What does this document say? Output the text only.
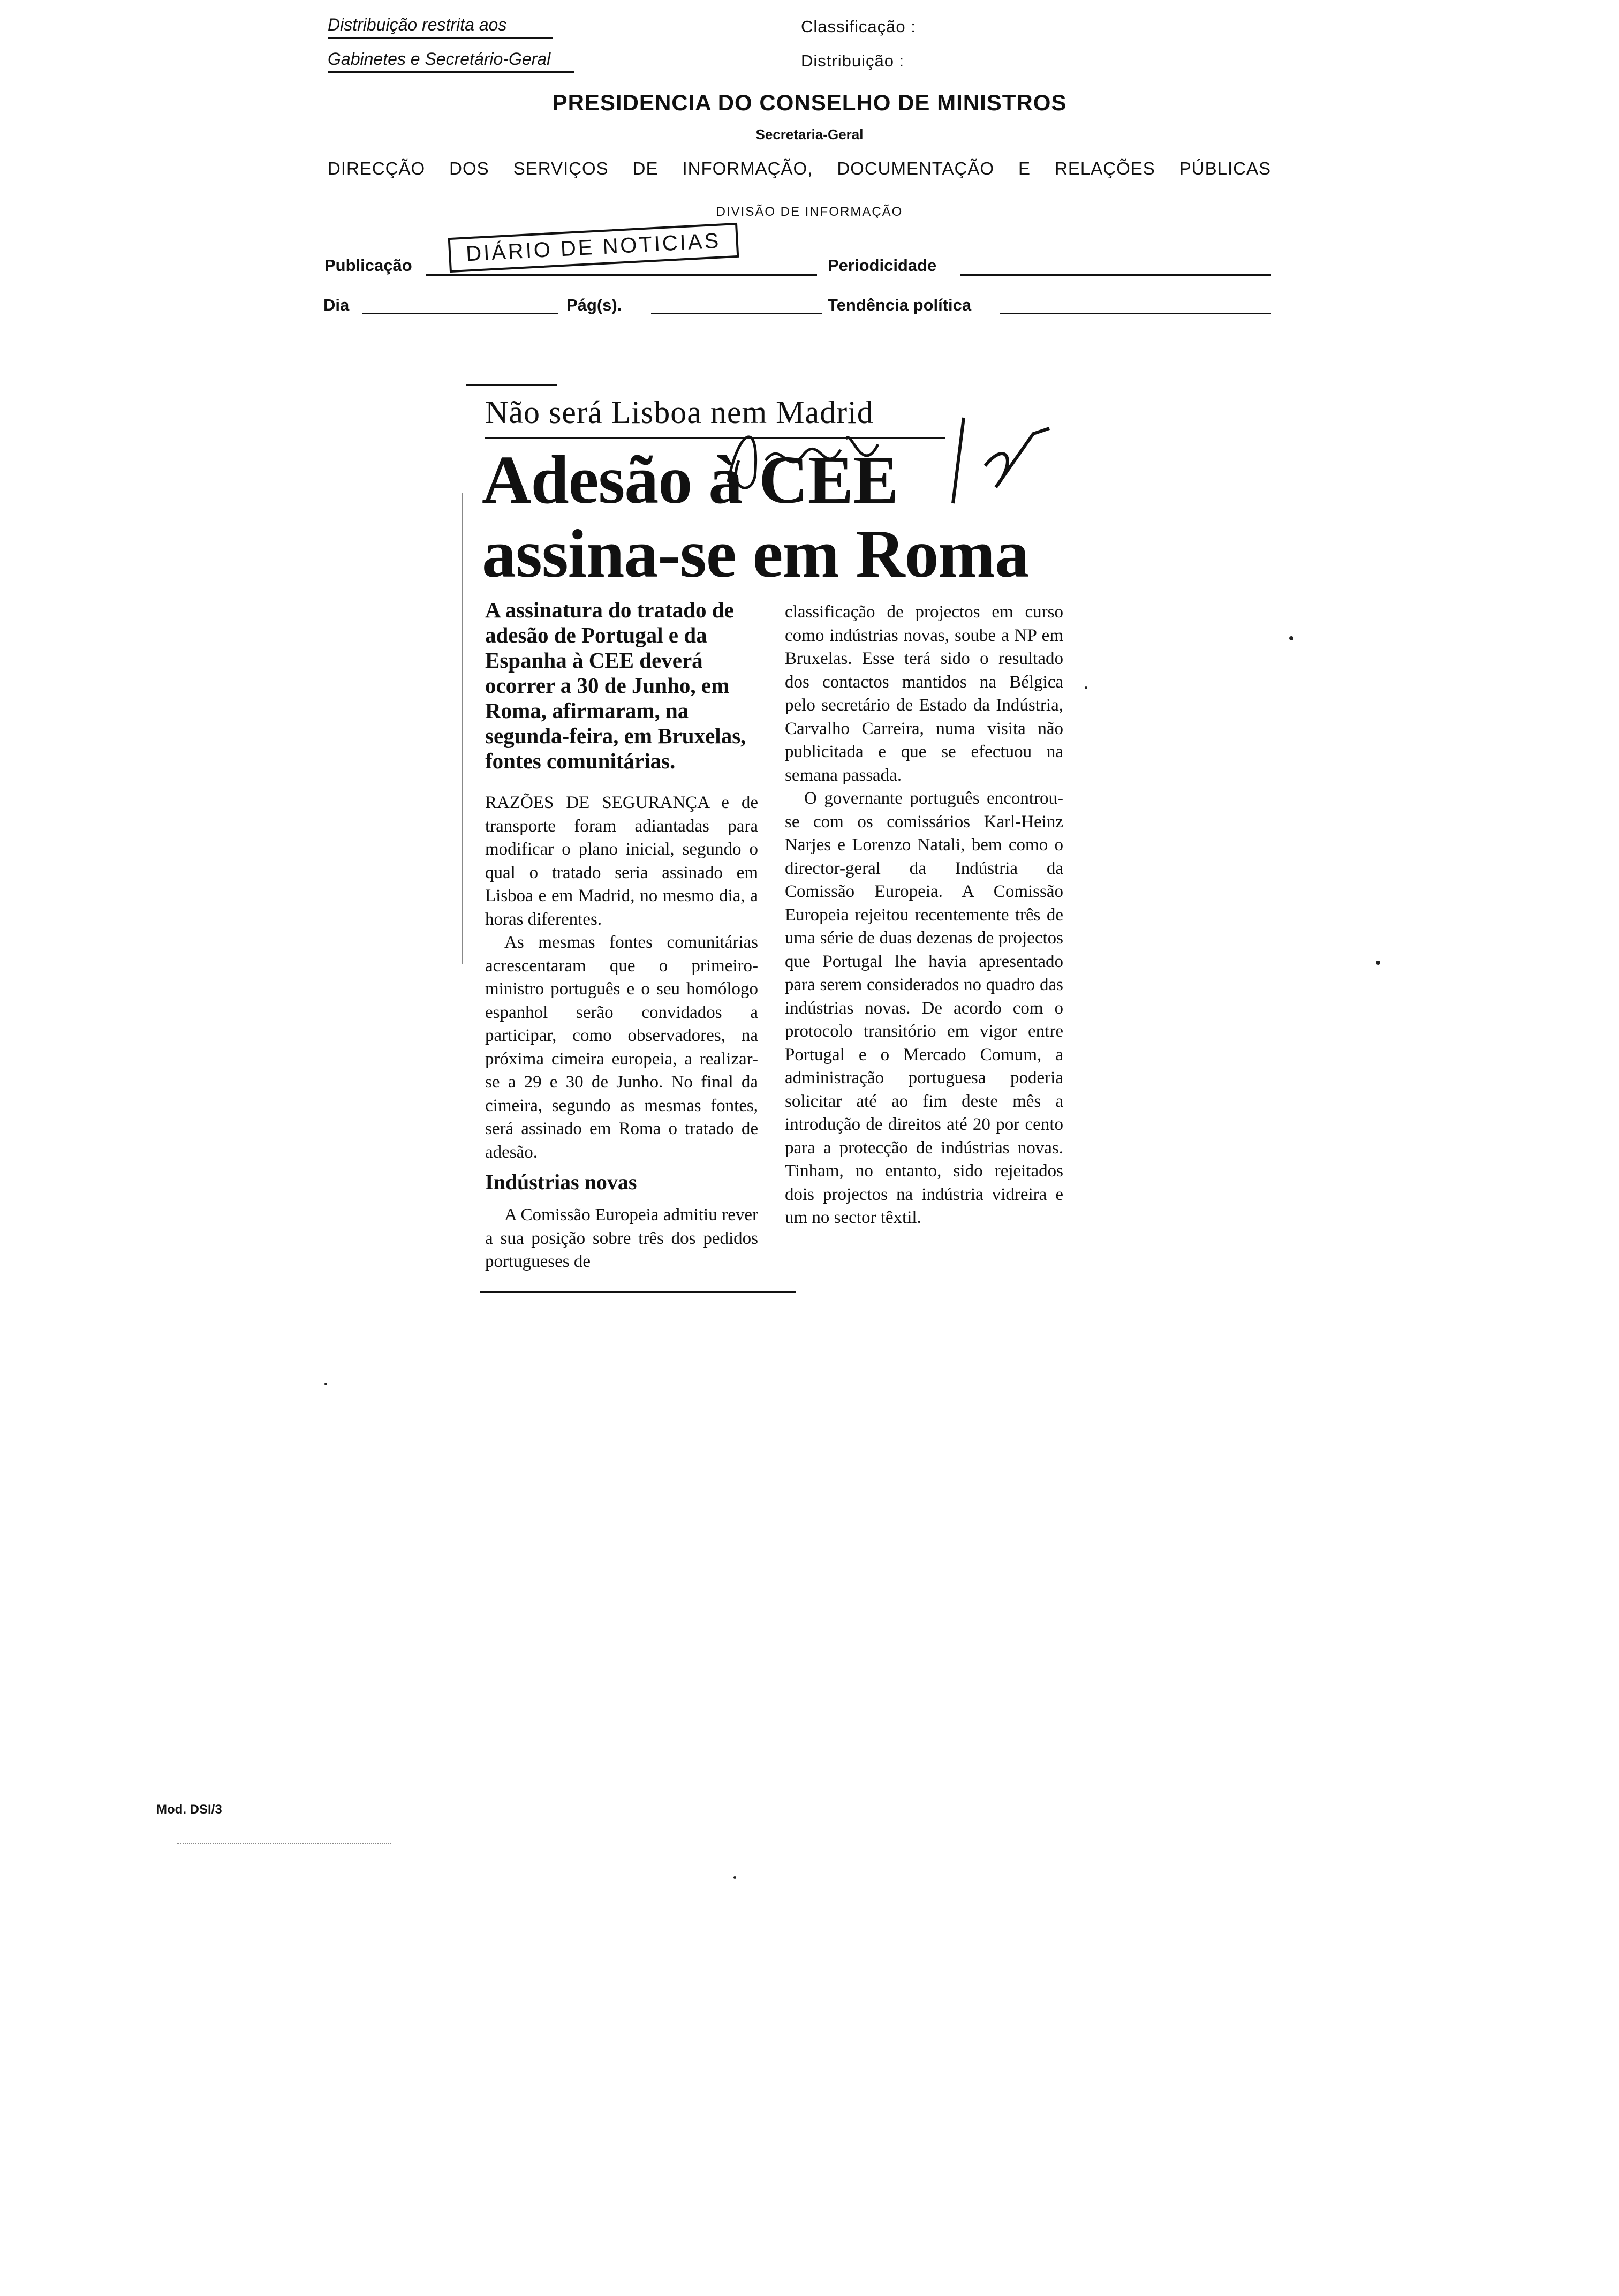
Distribuição restrita aos
Gabinetes e Secretário-Geral
Classificação :
Distribuição :
PRESIDENCIA DO CONSELHO DE MINISTROS
Secretaria-Geral
DIRECÇÃO DOS SERVIÇOS DE INFORMAÇÃO, DOCUMENTAÇÃO E RELAÇÕES PÚBLICAS
DIVISÃO DE INFORMAÇÃO
Publicação	DIÁRIO DE NOTICIAS	Periodicidade
Dia	Pág(s).	Tendência política
Não será Lisboa nem Madrid
Adesão à CEE
assina-se em Roma
A assinatura do tratado de adesão de Portugal e da Espanha à CEE deverá ocorrer a 30 de Junho, em Roma, afirmaram, na segunda-feira, em Bruxelas, fontes comunitárias.

RAZÕES DE SEGURANÇA e de transporte foram adiantadas para modificar o plano inicial, segundo o qual o tratado seria assinado em Lisboa e em Madrid, no mesmo dia, a horas diferentes.

As mesmas fontes comunitárias acrescentaram que o primeiro-ministro português e o seu homólogo espanhol serão convidados a participar, como observadores, na próxima cimeira europeia, a realizar-se a 29 e 30 de Junho. No final da cimeira, segundo as mesmas fontes, será assinado em Roma o tratado de adesão.

Indústrias novas

A Comissão Europeia admitiu rever a sua posição sobre três dos pedidos portugueses de

classificação de projectos em curso como indústrias novas, soube a NP em Bruxelas. Esse terá sido o resultado dos contactos mantidos na Bélgica pelo secretário de Estado da Indústria, Carvalho Carreira, numa visita não publicitada e que se efectuou na semana passada.

O governante português encontrou-se com os comissários Karl-Heinz Narjes e Lorenzo Natali, bem como o director-geral da Indústria da Comissão Europeia. A Comissão Europeia rejeitou recentemente três de uma série de duas dezenas de projectos que Portugal lhe havia apresentado para serem considerados no quadro das indústrias novas. De acordo com o protocolo transitório em vigor entre Portugal e o Mercado Comum, a administração portuguesa poderia solicitar até ao fim deste mês a introdução de direitos até 20 por cento para a protecção de indústrias novas. Tinham, no entanto, sido rejeitados dois projectos na indústria vidreira e um no sector têxtil.

Mod. DSI/3
